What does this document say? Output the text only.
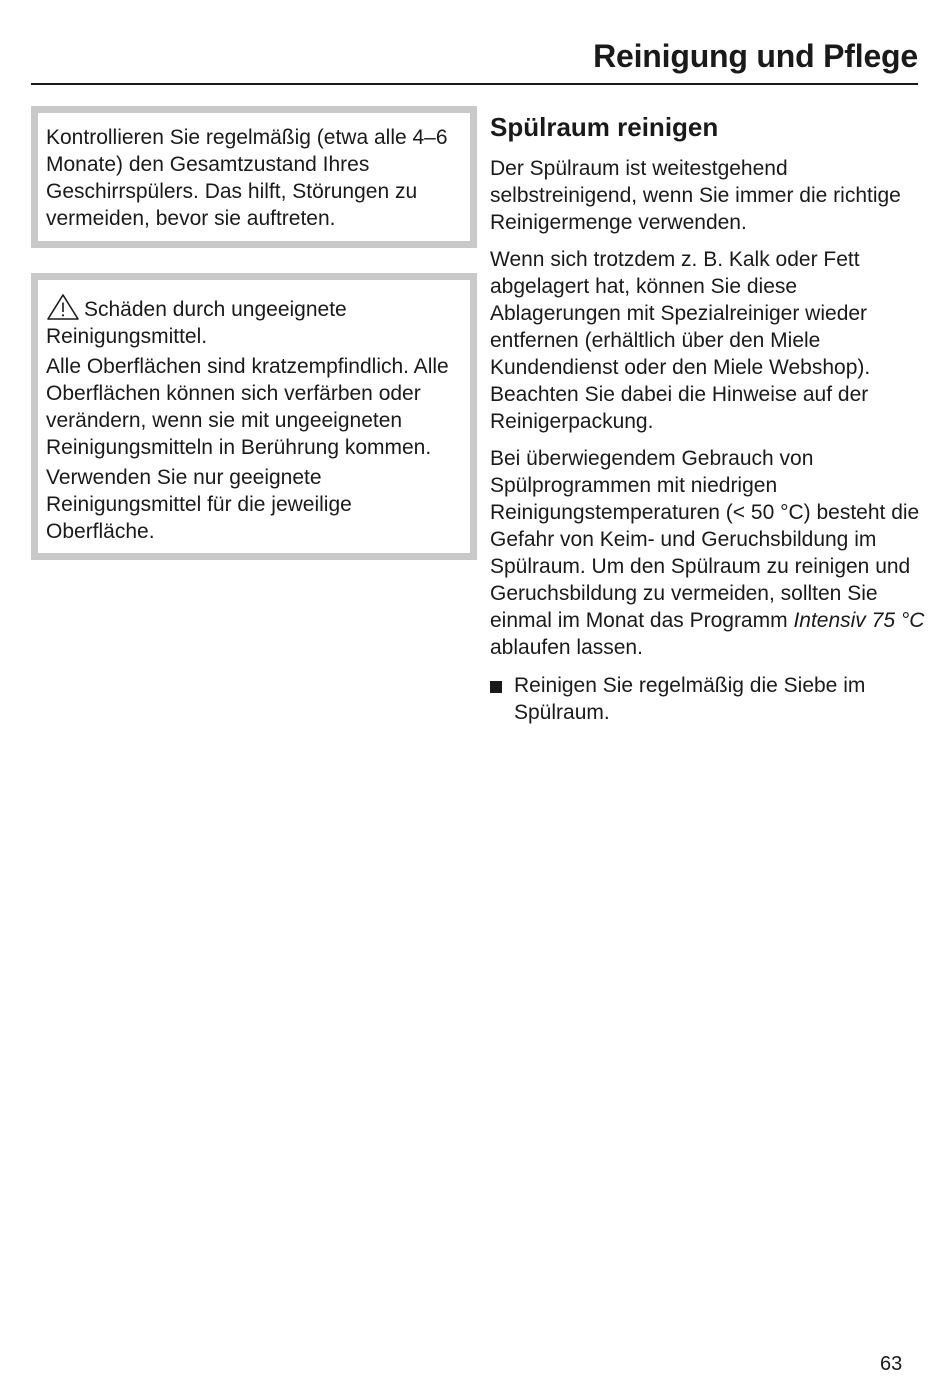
Reinigung und Pflege

Kontrollieren Sie regelmäßig (etwa alle 4–6 Monate) den Gesamtzustand Ihres Geschirrspülers. Das hilft, Störungen zu vermeiden, bevor sie auftreten.

Schäden durch ungeeignete Reinigungsmittel.

Alle Oberflächen sind kratzempfindlich. Alle Oberflächen können sich verfärben oder verändern, wenn sie mit ungeeigneten Reinigungsmitteln in Berührung kommen.

Verwenden Sie nur geeignete Reinigungsmittel für die jeweilige Oberfläche.

Spülraum reinigen

Der Spülraum ist weitestgehend selbstreinigend, wenn Sie immer die richtige Reinigermenge verwenden.

Wenn sich trotzdem z. B. Kalk oder Fett abgelagert hat, können Sie diese Ablagerungen mit Spezialreiniger wieder entfernen (erhältlich über den Miele Kundendienst oder den Miele Webshop). Beachten Sie dabei die Hinweise auf der Reinigerpackung.

Bei überwiegendem Gebrauch von Spülprogrammen mit niedrigen Reinigungstemperaturen (< 50 °C) besteht die Gefahr von Keim- und Geruchsbildung im Spülraum. Um den Spülraum zu reinigen und Geruchsbildung zu vermeiden, sollten Sie einmal im Monat das Programm Intensiv 75 °C ablaufen lassen.

Reinigen Sie regelmäßig die Siebe im Spülraum.
63
